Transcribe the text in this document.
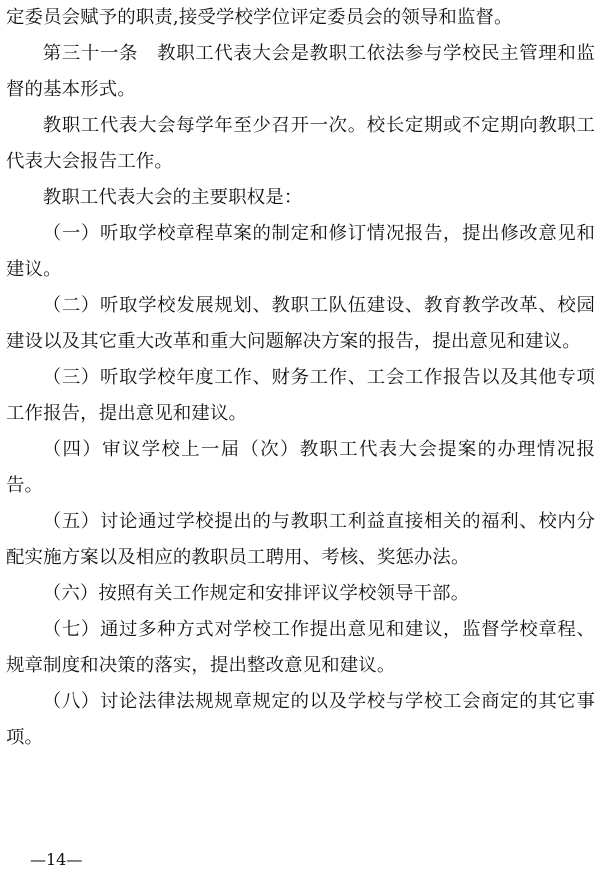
定委员会赋予的职责,接受学校学位评定委员会的领导和监督。

第三十一条　教职工代表大会是教职工依法参与学校民主管理和监督的基本形式。

教职工代表大会每学年至少召开一次。校长定期或不定期向教职工代表大会报告工作。

教职工代表大会的主要职权是：

（一）听取学校章程草案的制定和修订情况报告，提出修改意见和建议。

（二）听取学校发展规划、教职工队伍建设、教育教学改革、校园建设以及其它重大改革和重大问题解决方案的报告，提出意见和建议。

（三）听取学校年度工作、财务工作、工会工作报告以及其他专项工作报告，提出意见和建议。

（四）审议学校上一届（次）教职工代表大会提案的办理情况报告。

（五）讨论通过学校提出的与教职工利益直接相关的福利、校内分配实施方案以及相应的教职员工聘用、考核、奖惩办法。

（六）按照有关工作规定和安排评议学校领导干部。

（七）通过多种方式对学校工作提出意见和建议，监督学校章程、规章制度和决策的落实，提出整改意见和建议。

（八）讨论法律法规规章规定的以及学校与学校工会商定的其它事项。

—14—
